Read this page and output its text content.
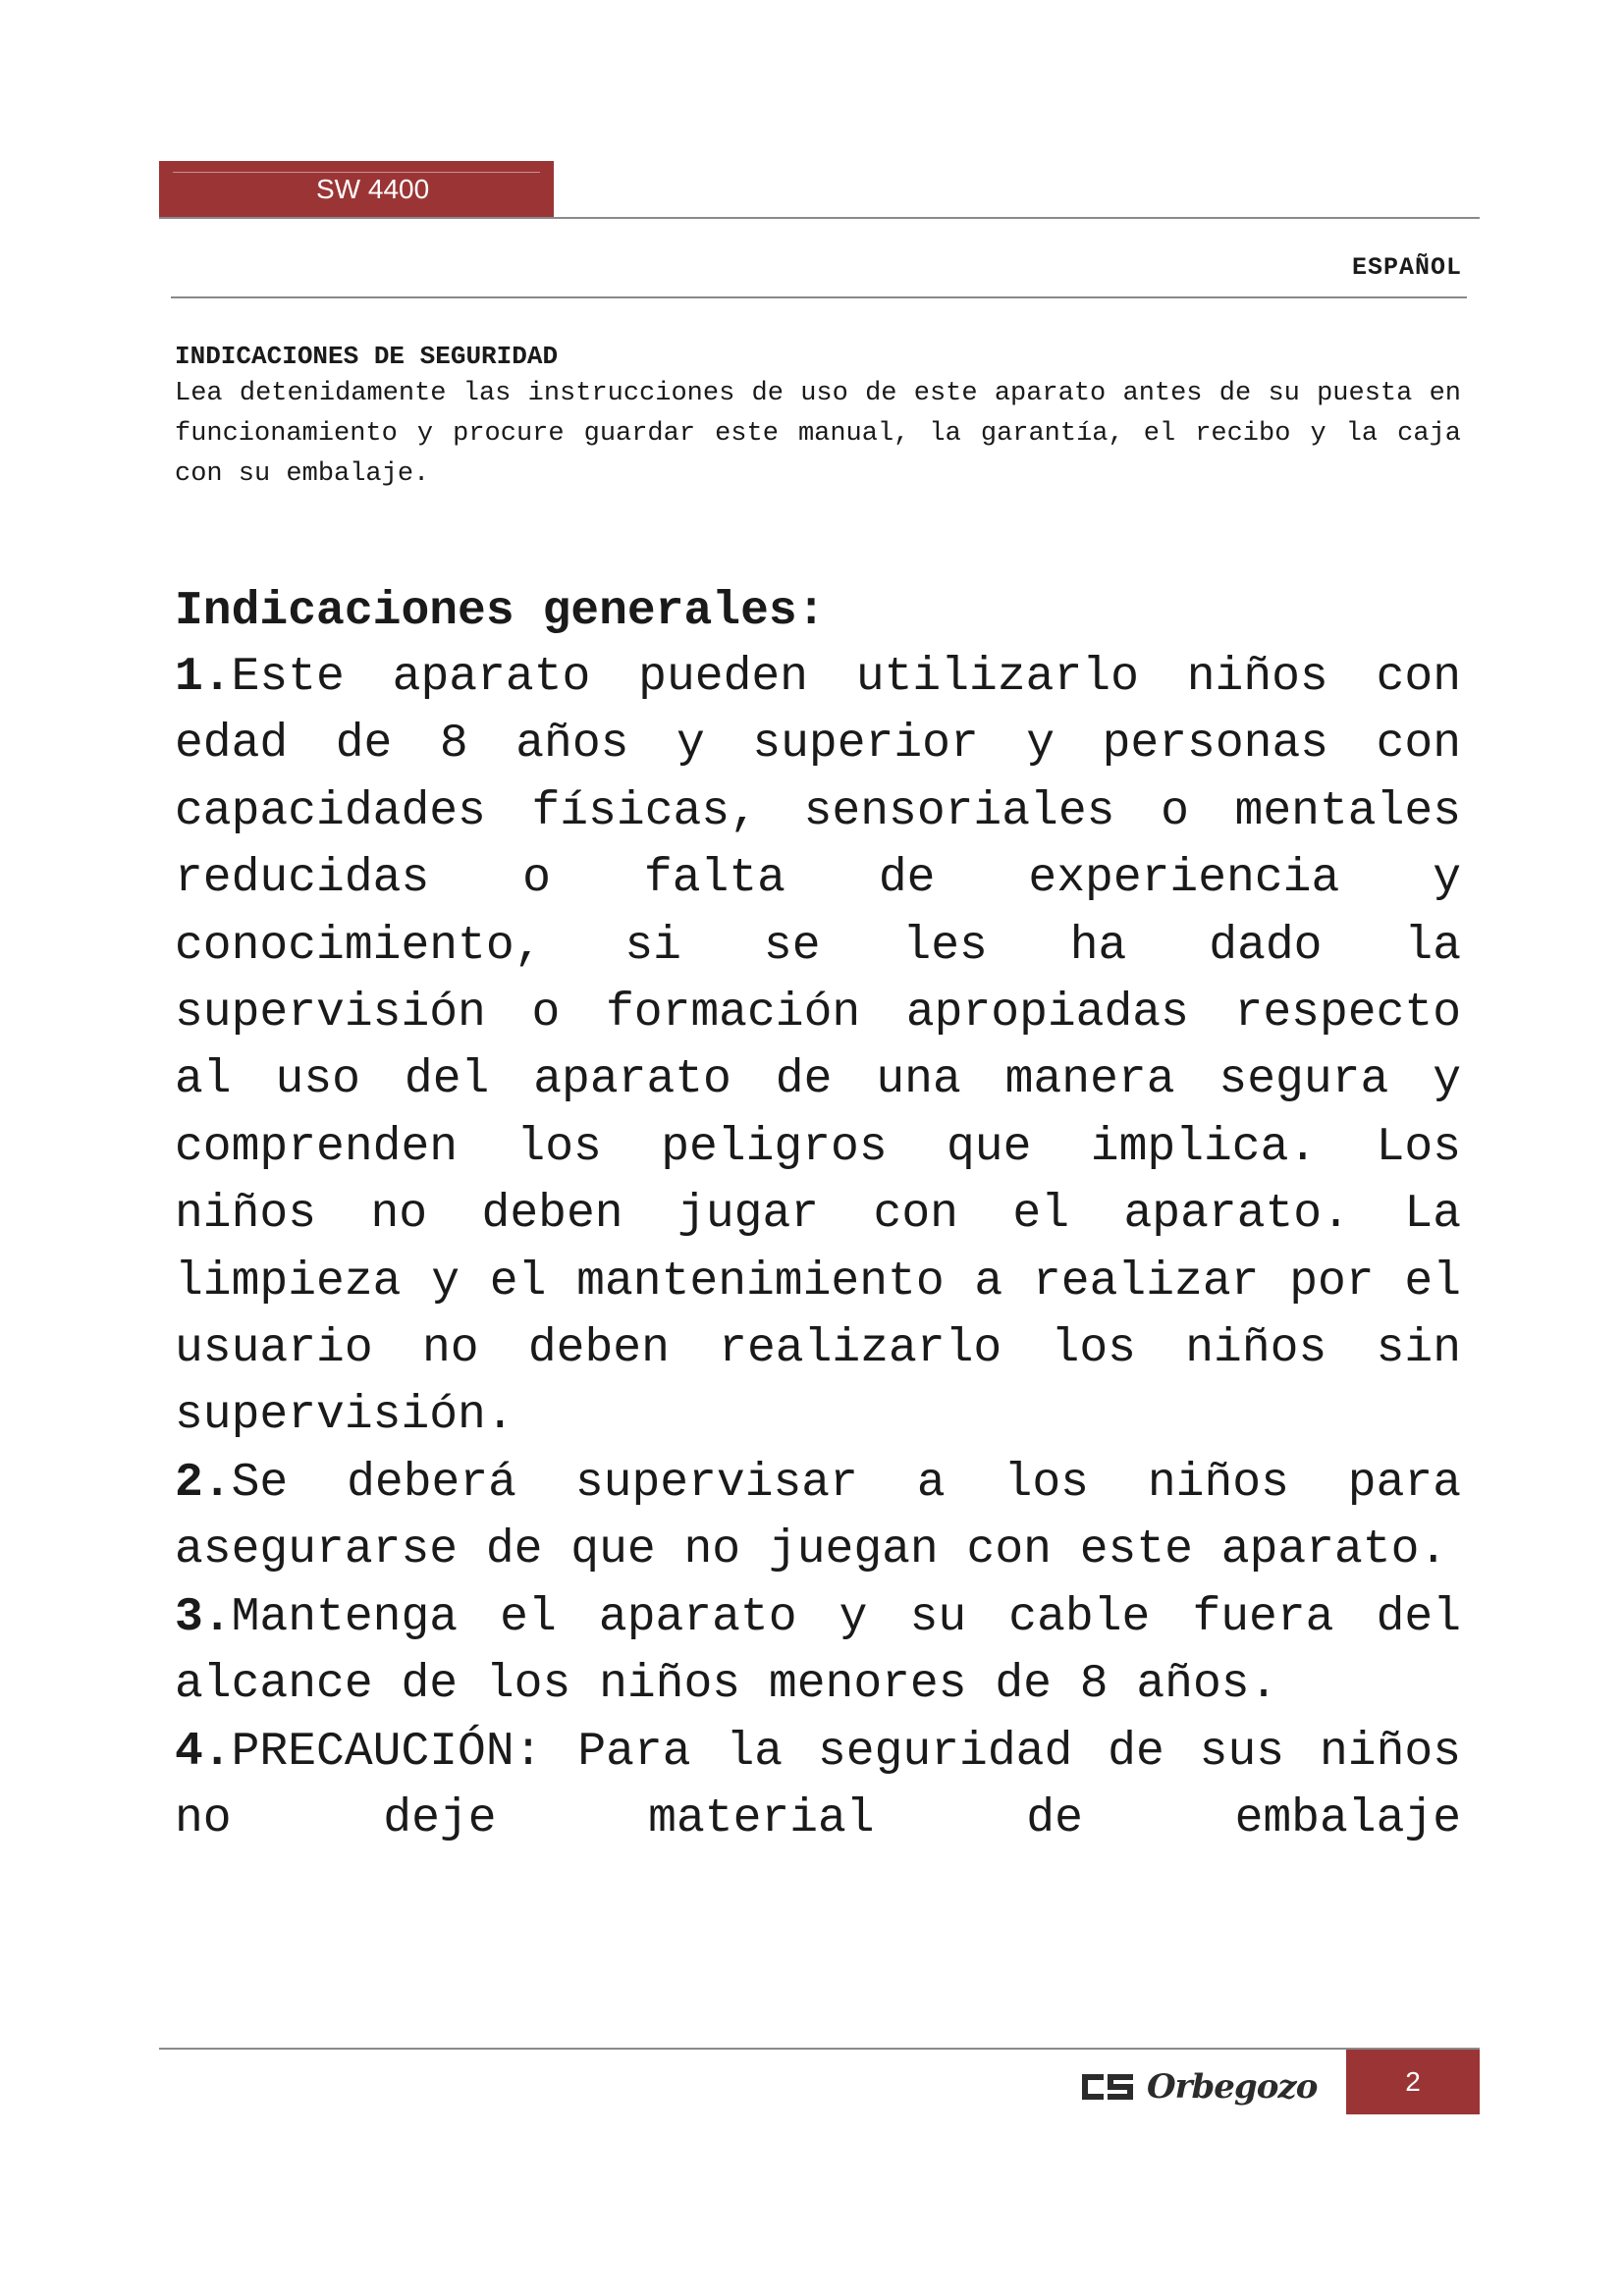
SW 4400
ESPAÑOL

INDICACIONES DE SEGURIDAD

Lea detenidamente las instrucciones de uso de este aparato antes de su puesta en funcionamiento y procure guardar este manual, la garantía, el recibo y la caja con su embalaje.

Indicaciones generales:

1.Este aparato pueden utilizarlo niños con edad de 8 años y superior y personas con capacidades físicas, sensoriales o mentales reducidas o falta de experiencia y conocimiento, si se les ha dado la supervisión o formación apropiadas respecto al uso del aparato de una manera segura y comprenden los peligros que implica. Los niños no deben jugar con el aparato. La limpieza y el mantenimiento a realizar por el usuario no deben realizarlo los niños sin supervisión.

2.Se deberá supervisar a los niños para asegurarse de que no juegan con este aparato.

3.Mantenga el aparato y su cable fuera del alcance de los niños menores de 8 años.

4.PRECAUCIÓN: Para la seguridad de sus niños no deje material de embalaje

Orbegozo	2
